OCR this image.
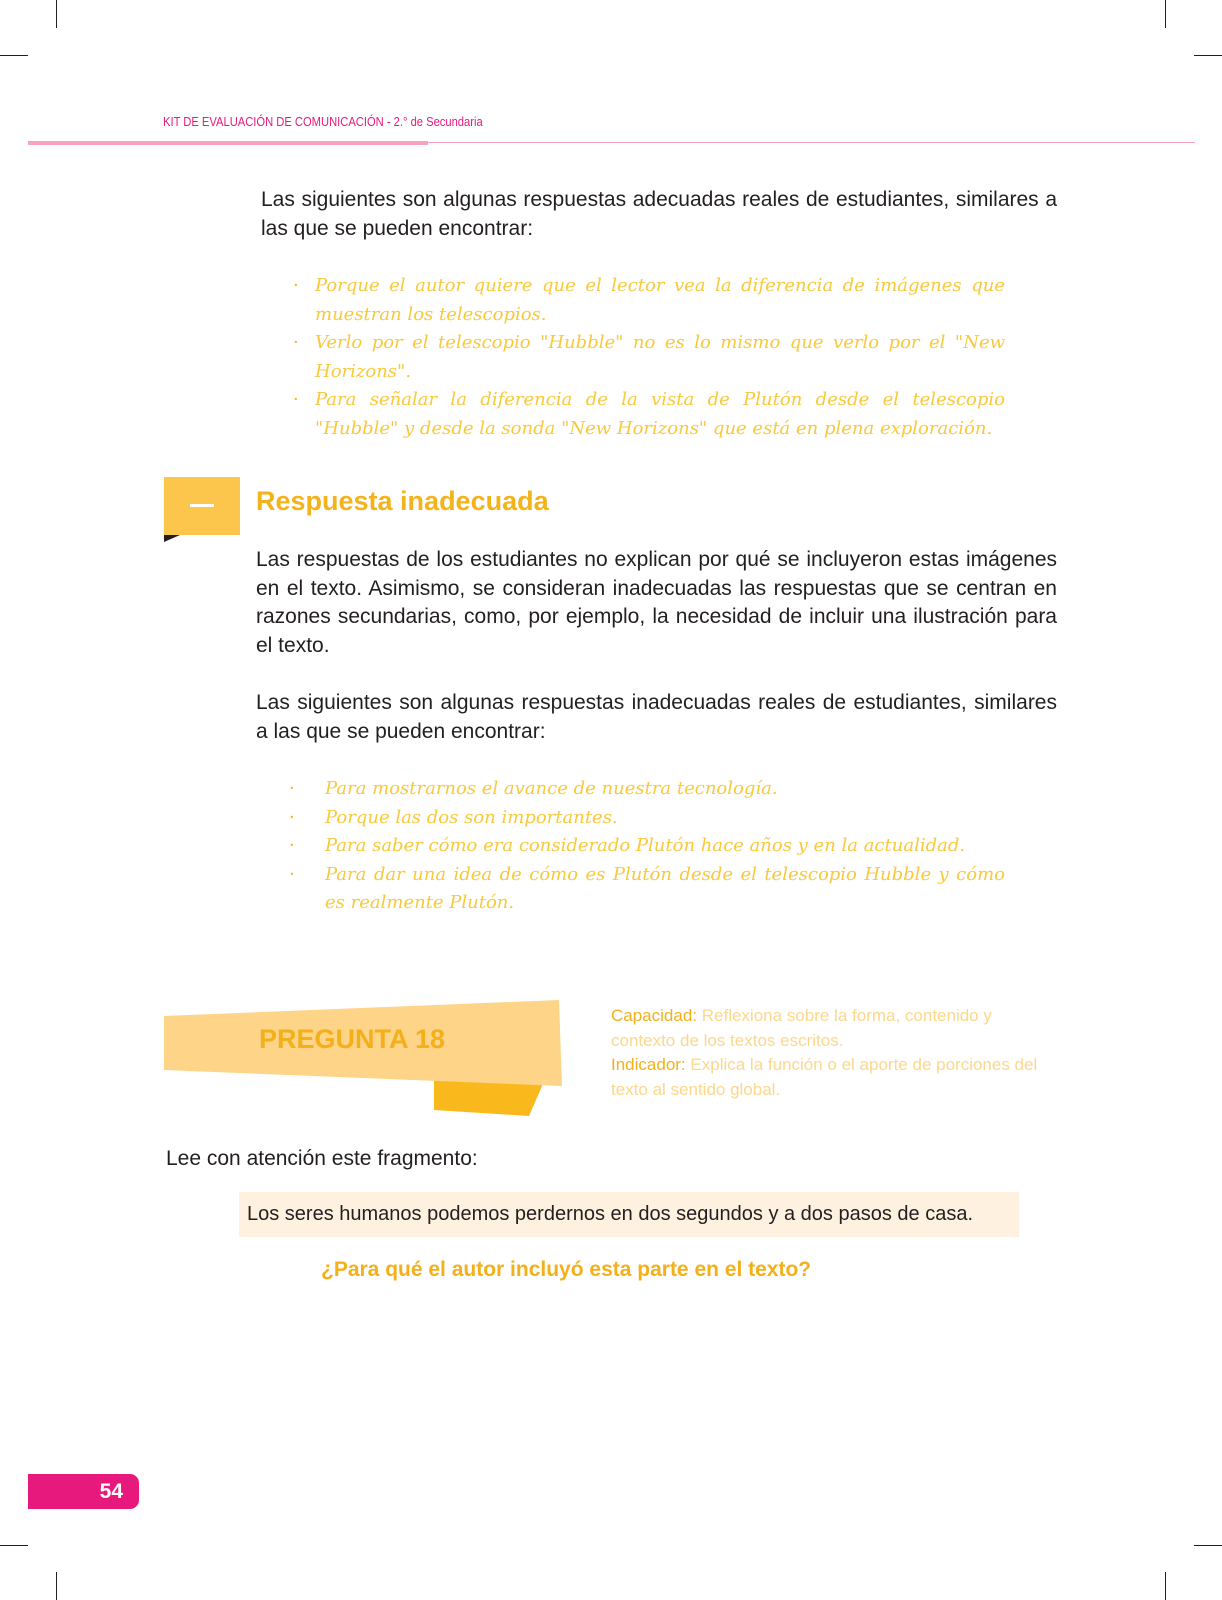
KIT DE EVALUACIÓN DE COMUNICACIÓN - 2.° de Secundaria

Las siguientes son algunas respuestas adecuadas reales de estudiantes, similares a las que se pueden encontrar:

· Porque el autor quiere que el lector vea la diferencia de imágenes que muestran los telescopios.
· Verlo por el telescopio "Hubble" no es lo mismo que verlo por el "New Horizons".
· Para señalar la diferencia de la vista de Plutón desde el telescopio "Hubble" y desde la sonda "New Horizons" que está en plena exploración.
Respuesta inadecuada

Las respuestas de los estudiantes no explican por qué se incluyeron estas imágenes en el texto. Asimismo, se consideran inadecuadas las respuestas que se centran en razones secundarias, como, por ejemplo, la necesidad de incluir una ilustración para el texto.

Las siguientes son algunas respuestas inadecuadas reales de estudiantes, similares a las que se pueden encontrar:

· Para mostrarnos el avance de nuestra tecnología.
· Porque las dos son importantes.
· Para saber cómo era considerado Plutón hace años y en la actualidad.
· Para dar una idea de cómo es Plutón desde el telescopio Hubble y cómo es realmente Plutón.
PREGUNTA 18
Capacidad: Reflexiona sobre la forma, contenido y contexto de los textos escritos.
Indicador: Explica la función o el aporte de porciones del texto al sentido global.
Lee con atención este fragmento:
Los seres humanos podemos perdernos en dos segundos y a dos pasos de casa.
¿Para qué el autor incluyó esta parte en el texto?
54
